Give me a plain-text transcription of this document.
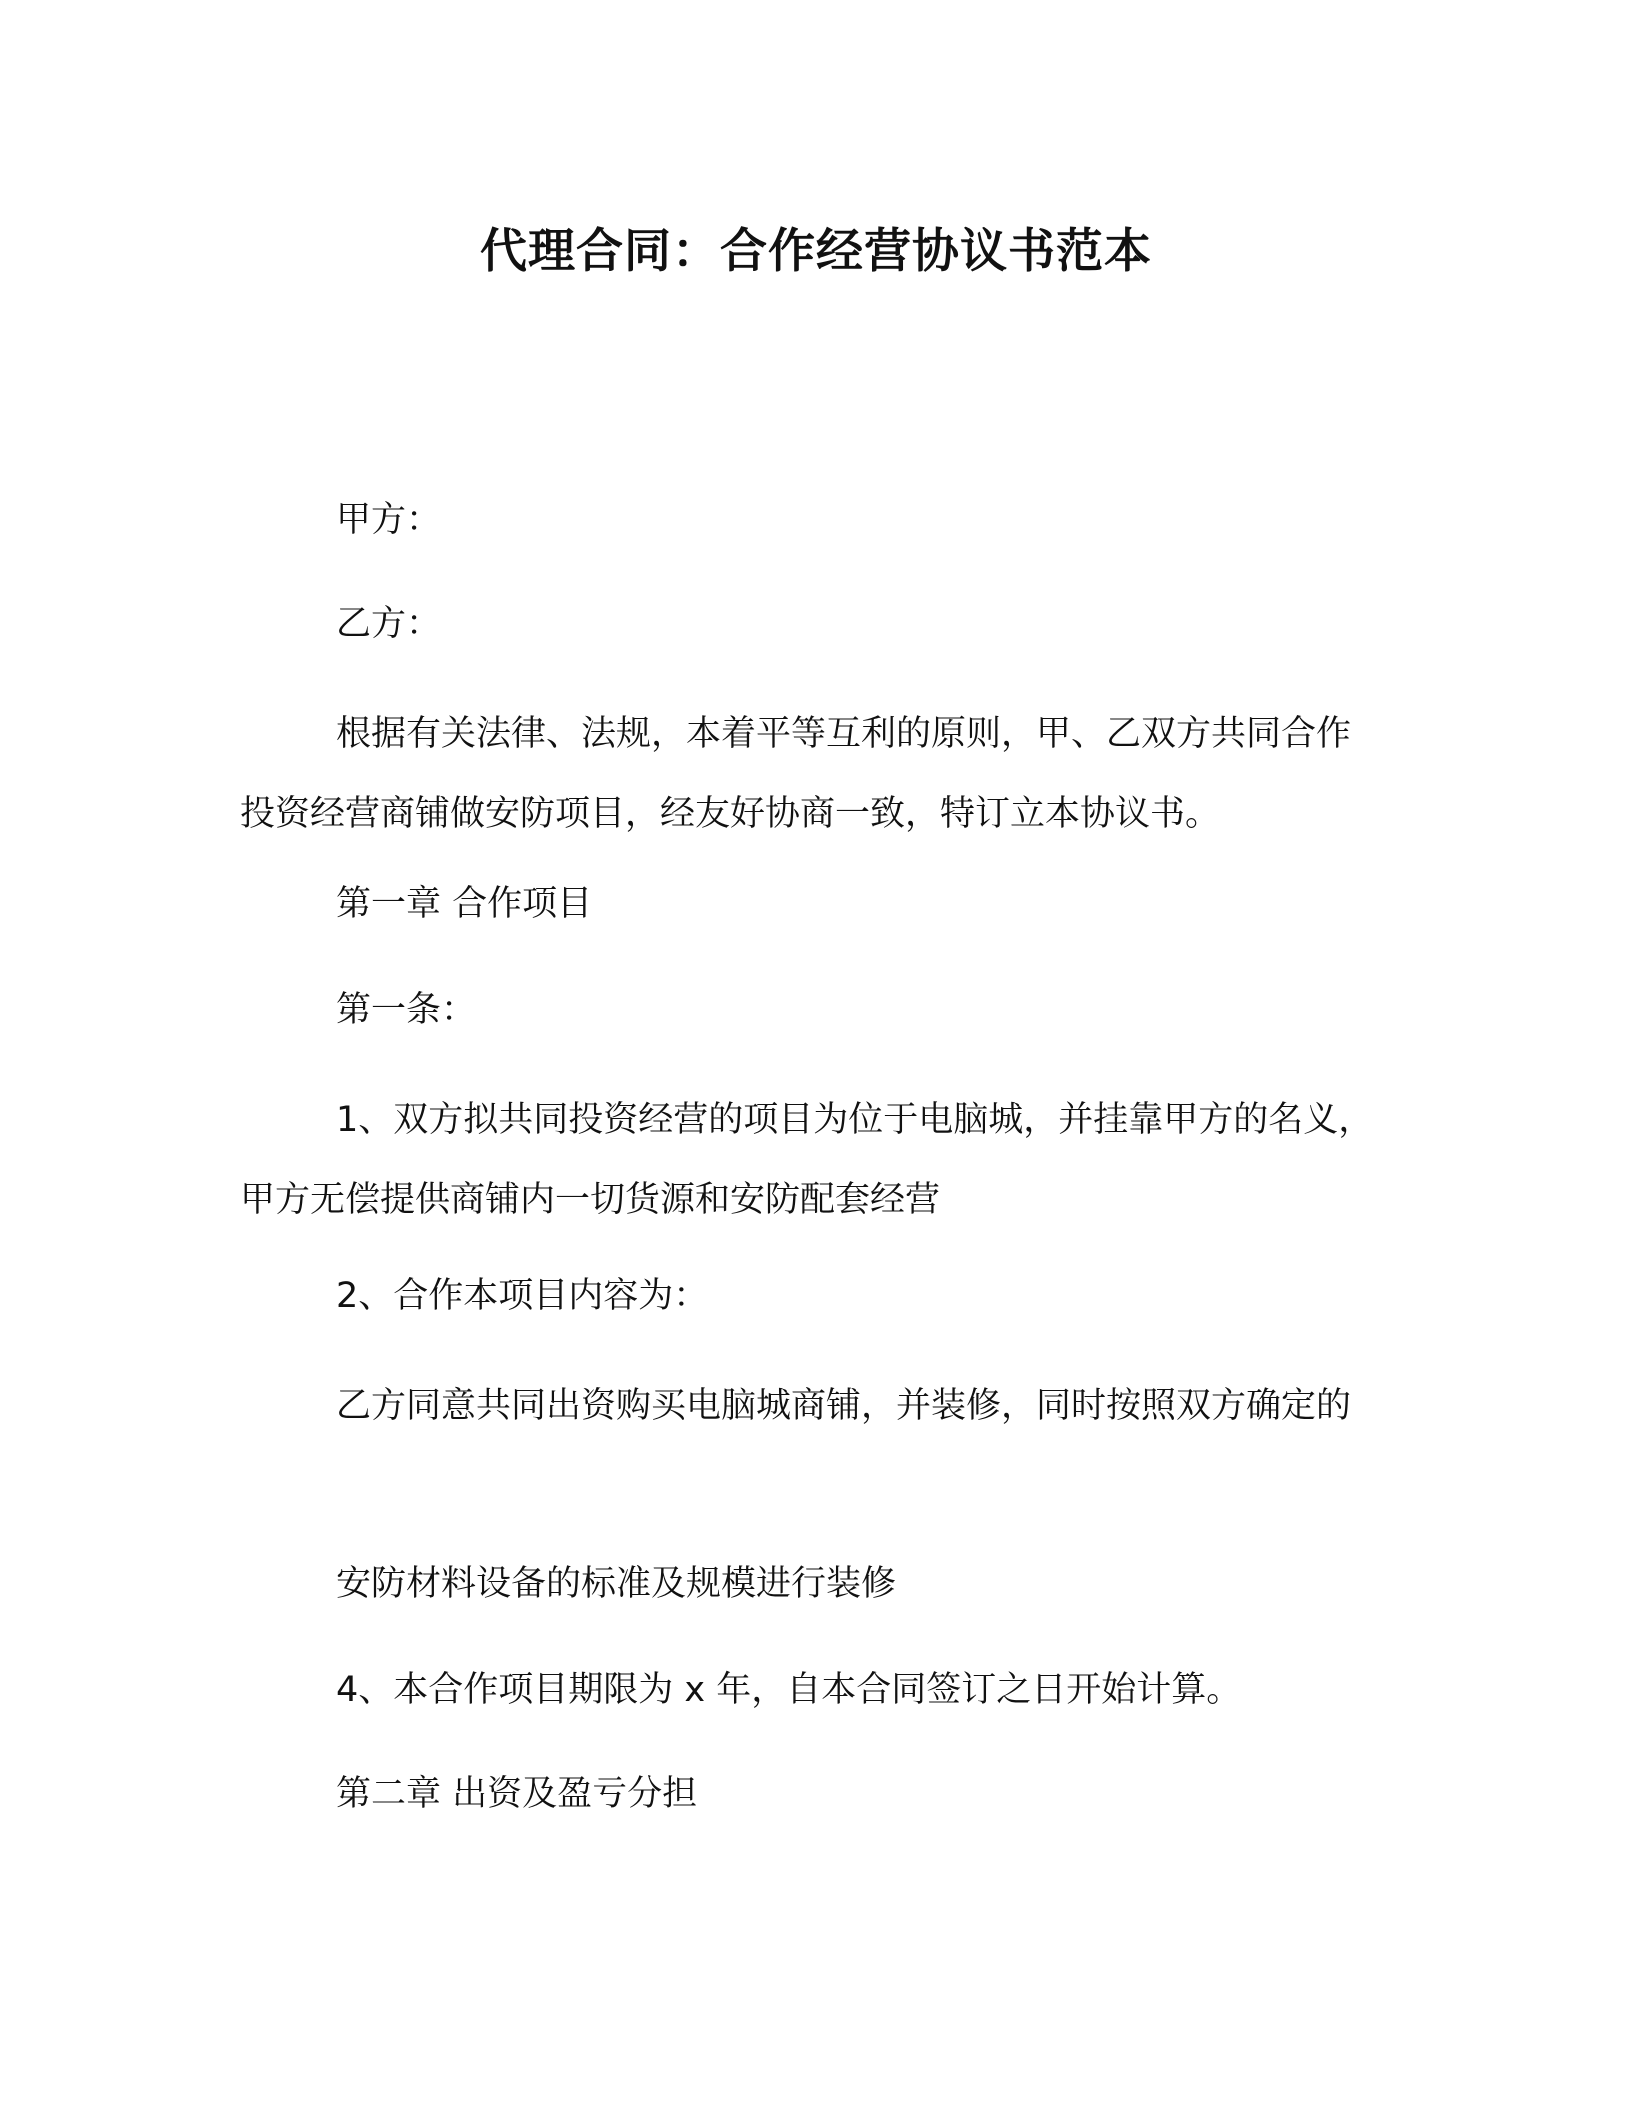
代理合同：合作经营协议书范本

甲方：

乙方：

根据有关法律、法规，本着平等互利的原则，甲、乙双方共同合作投资经营商铺做安防项目，经友好协商一致，特订立本协议书。

第一章 合作项目

第一条：

1、双方拟共同投资经营的项目为位于电脑城，并挂靠甲方的名义，甲方无偿提供商铺内一切货源和安防配套经营

2、合作本项目内容为：

乙方同意共同出资购买电脑城商铺，并装修，同时按照双方确定的

安防材料设备的标准及规模进行装修

4、本合作项目期限为 x 年，自本合同签订之日开始计算。

第二章 出资及盈亏分担
